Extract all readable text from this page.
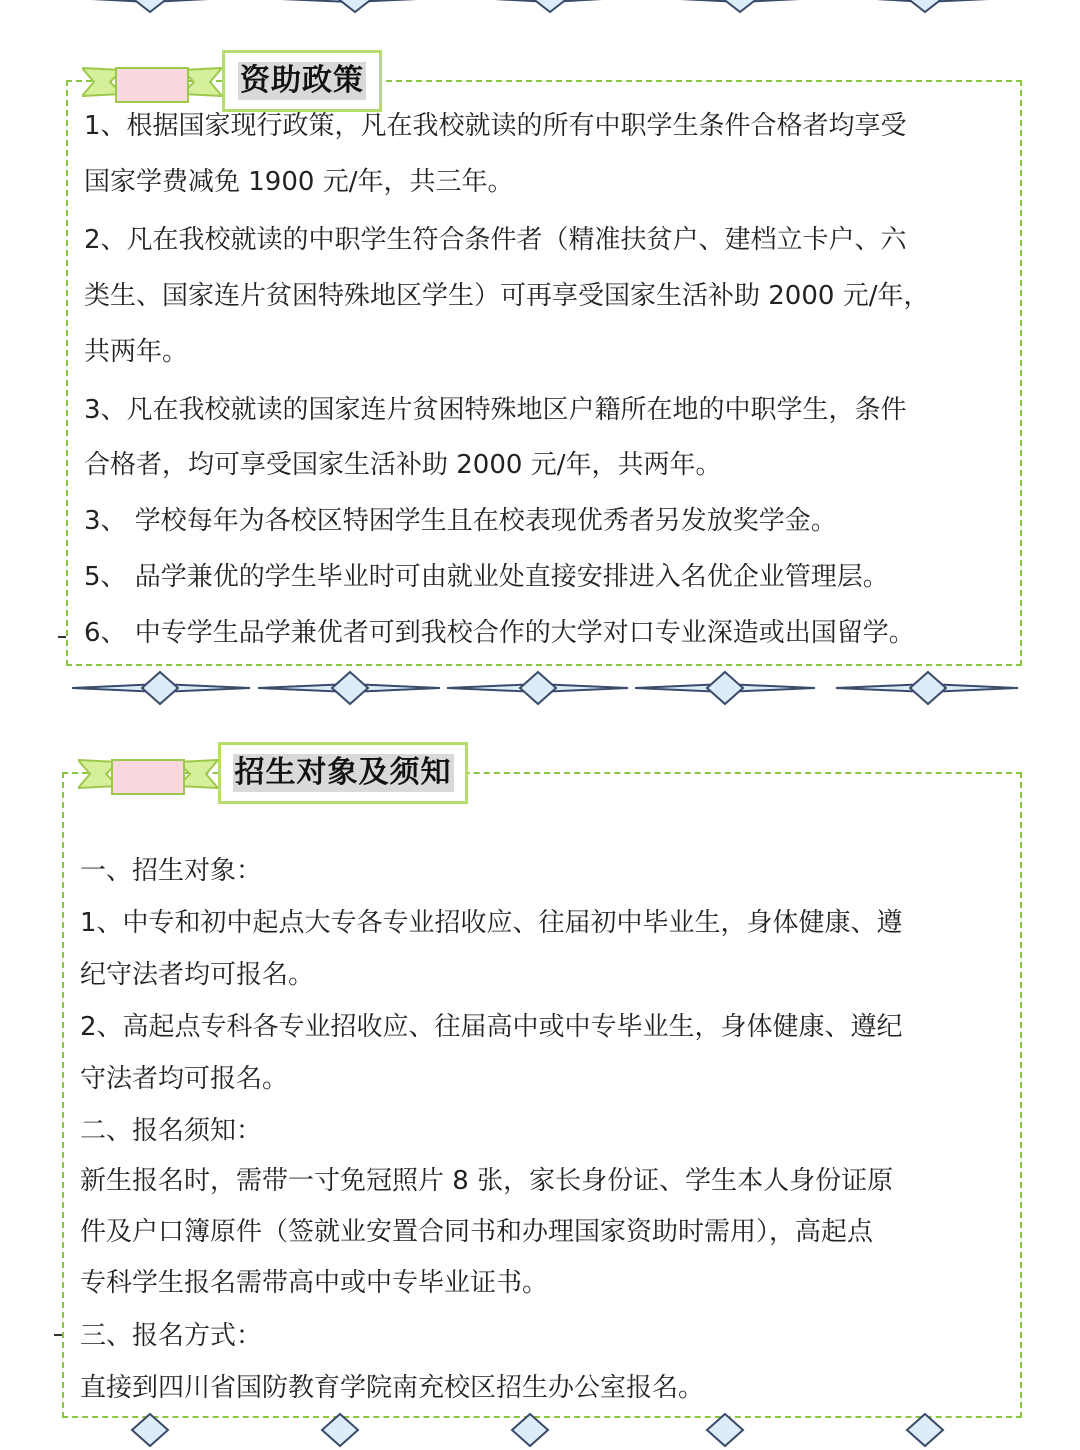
资助政策
1、根据国家现行政策，凡在我校就读的所有中职学生条件合格者均享受
国家学费减免 1900 元/年，共三年。
2、凡在我校就读的中职学生符合条件者（精准扶贫户、建档立卡户、六
类生、国家连片贫困特殊地区学生）可再享受国家生活补助 2000 元/年，
共两年。
3、凡在我校就读的国家连片贫困特殊地区户籍所在地的中职学生，条件
合格者，均可享受国家生活补助 2000 元/年，共两年。
3、 学校每年为各校区特困学生且在校表现优秀者另发放奖学金。
5、 品学兼优的学生毕业时可由就业处直接安排进入名优企业管理层。
6、 中专学生品学兼优者可到我校合作的大学对口专业深造或出国留学。
招生对象及须知
一、招生对象：
1、中专和初中起点大专各专业招收应、往届初中毕业生，身体健康、遵
纪守法者均可报名。
2、高起点专科各专业招收应、往届高中或中专毕业生，身体健康、遵纪
守法者均可报名。
二、报名须知：
新生报名时，需带一寸免冠照片 8 张，家长身份证、学生本人身份证原
件及户口簿原件（签就业安置合同书和办理国家资助时需用），高起点
专科学生报名需带高中或中专毕业证书。
三、报名方式：
直接到四川省国防教育学院南充校区招生办公室报名。
